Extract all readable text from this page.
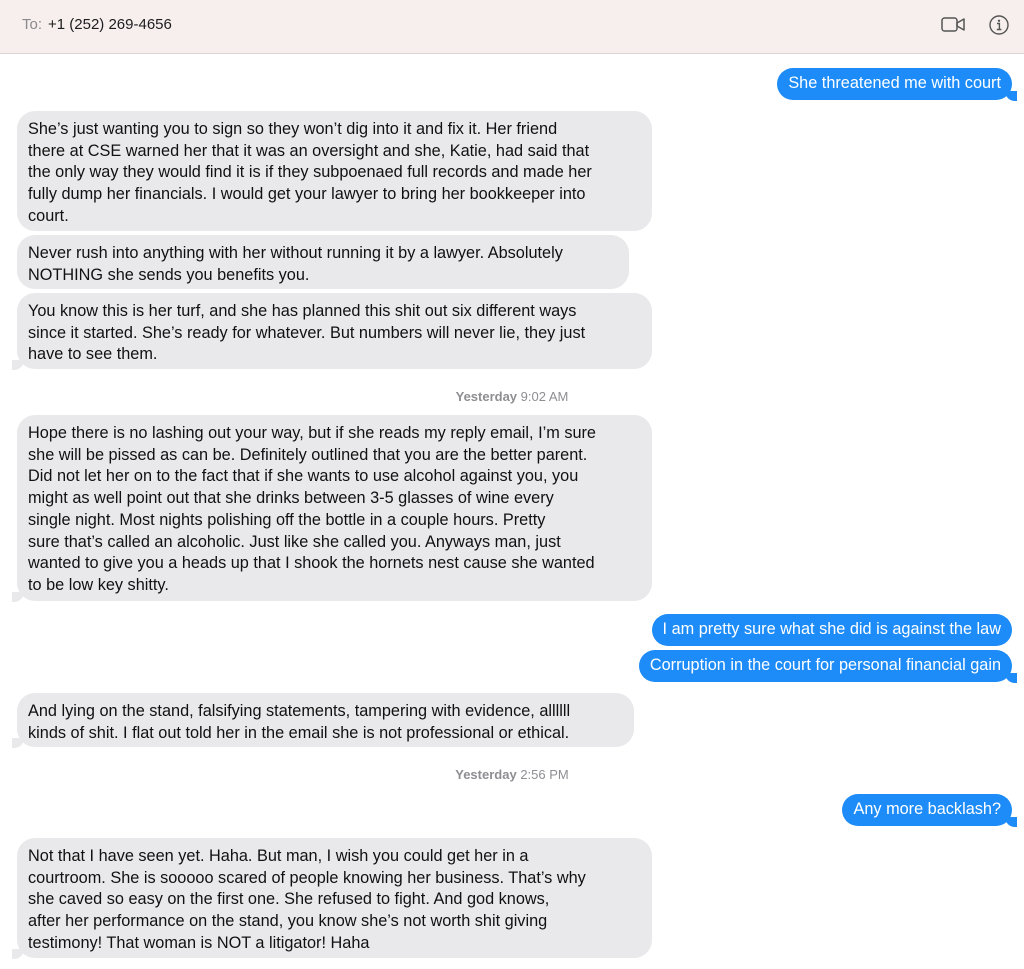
To: +1 (252) 269-4656
She threatened me with court
She’s just wanting you to sign so they won’t dig into it and fix it. Her friend
there at CSE warned her that it was an oversight and she, Katie, had said that
the only way they would find it is if they subpoenaed full records and made her
fully dump her financials. I would get your lawyer to bring her bookkeeper into
court.
Never rush into anything with her without running it by a lawyer. Absolutely
NOTHING she sends you benefits you.
You know this is her turf, and she has planned this shit out six different ways
since it started. She’s ready for whatever. But numbers will never lie, they just
have to see them.
Yesterday 9:02 AM
Hope there is no lashing out your way, but if she reads my reply email, I’m sure
she will be pissed as can be. Definitely outlined that you are the better parent.
Did not let her on to the fact that if she wants to use alcohol against you, you
might as well point out that she drinks between 3-5 glasses of wine every
single night. Most nights polishing off the bottle in a couple hours. Pretty
sure that’s called an alcoholic. Just like she called you. Anyways man, just
wanted to give you a heads up that I shook the hornets nest cause she wanted
to be low key shitty.
I am pretty sure what she did is against the law
Corruption in the court for personal financial gain
And lying on the stand, falsifying statements, tampering with evidence, allllll
kinds of shit. I flat out told her in the email she is not professional or ethical.
Yesterday 2:56 PM
Any more backlash?
Not that I have seen yet. Haha. But man, I wish you could get her in a
courtroom. She is sooooo scared of people knowing her business. That’s why
she caved so easy on the first one. She refused to fight. And god knows,
after her performance on the stand, you know she’s not worth shit giving
testimony! That woman is NOT a litigator! Haha
